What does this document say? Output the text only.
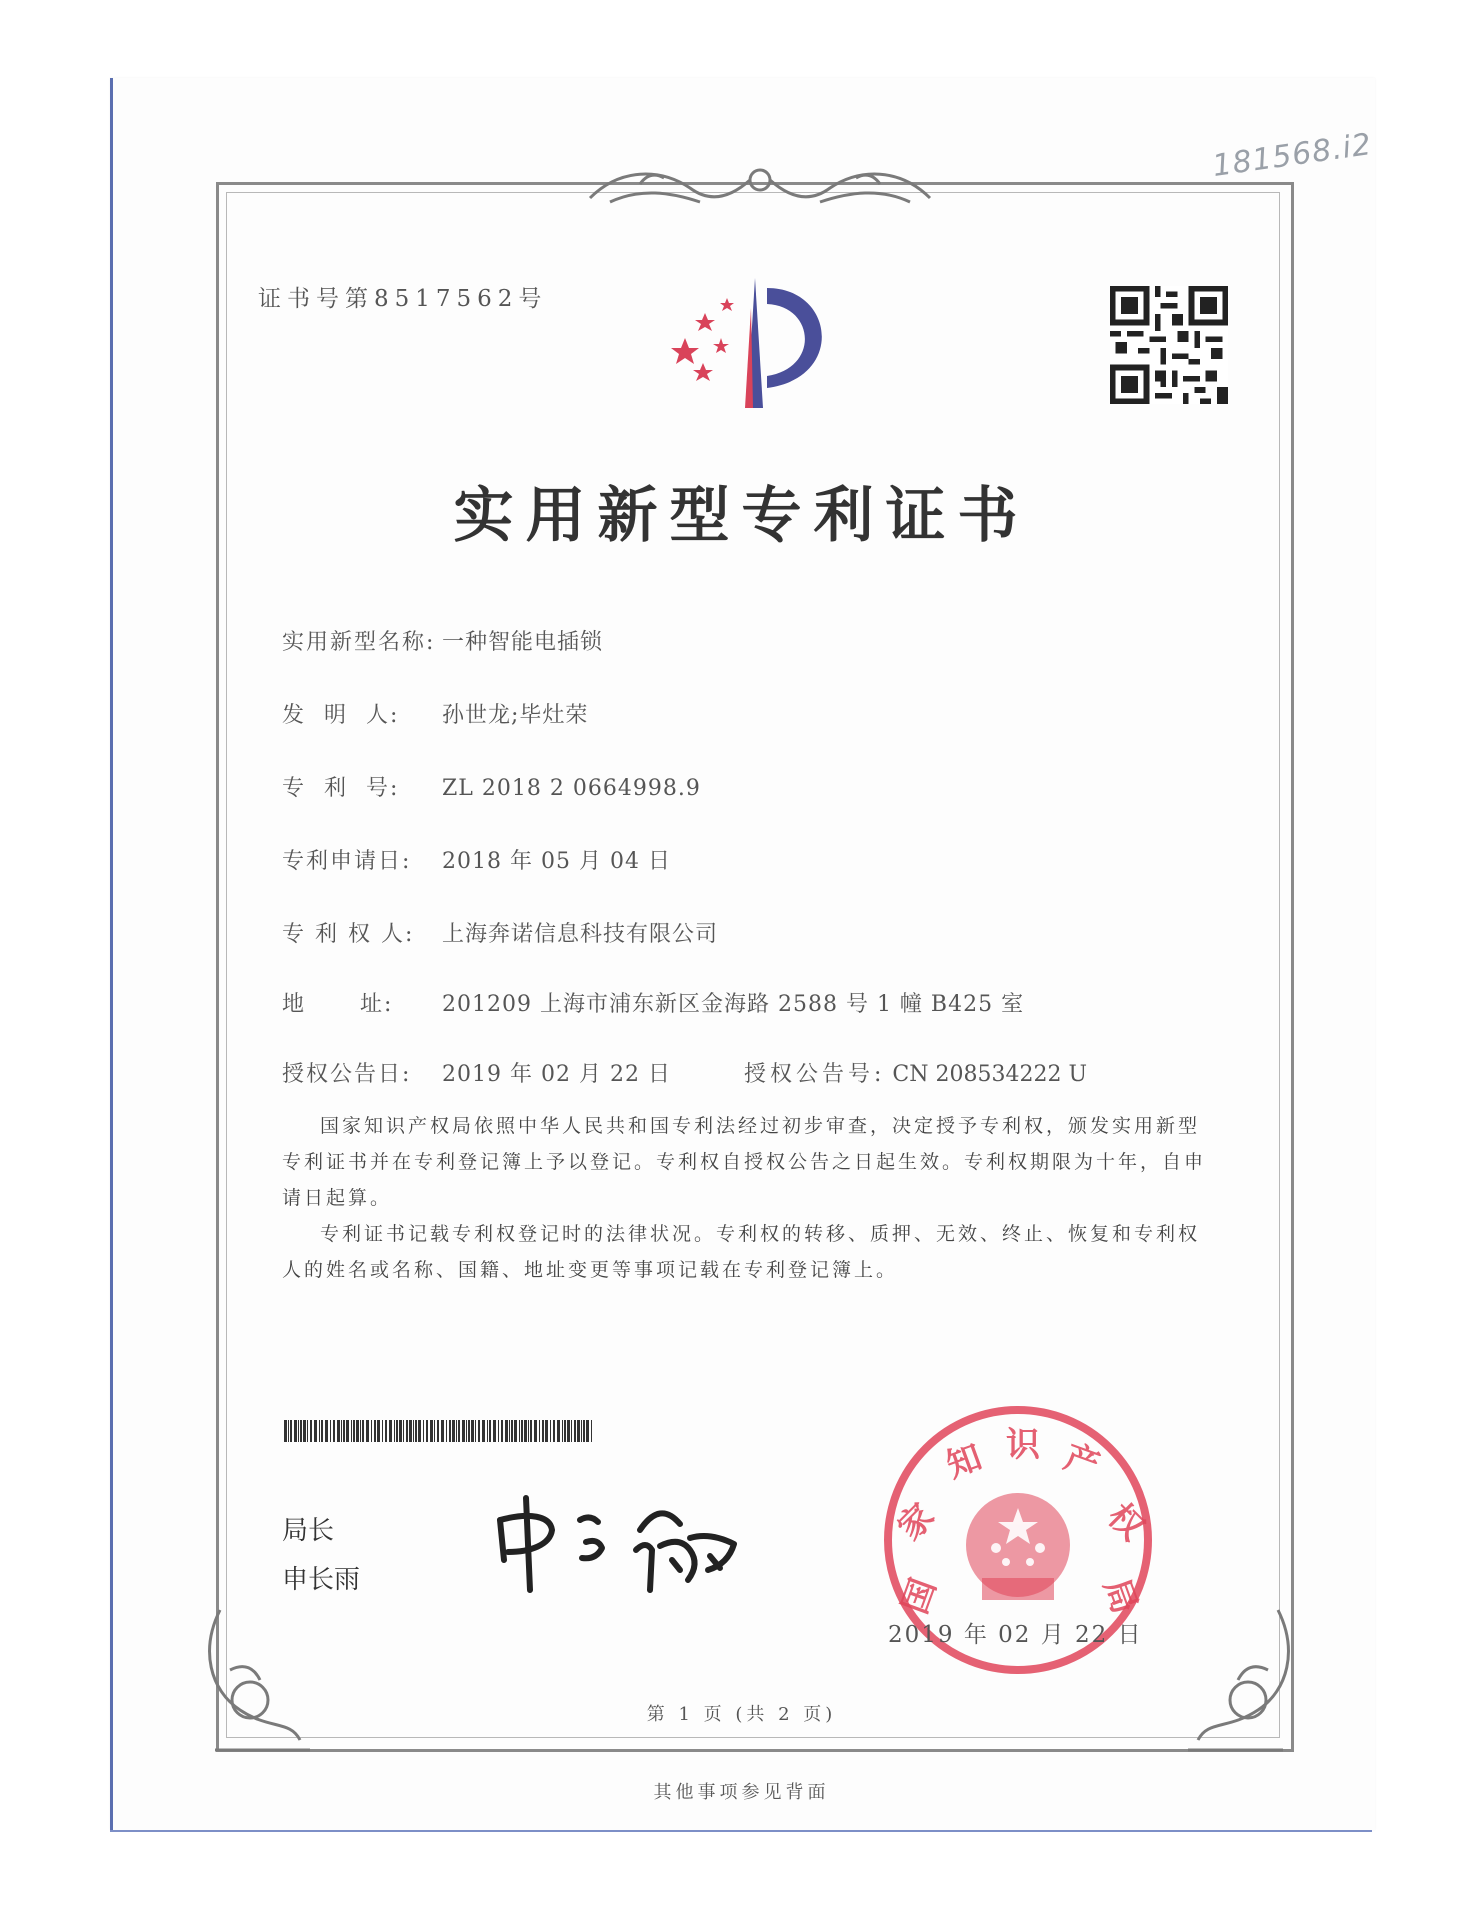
181568.i2
证书号第8517562号
实用新型专利证书
实用新型名称: 一种智能电插锁
发  明  人: 孙世龙;毕灶荣
专  利  号: ZL 2018 2 0664998.9
专利申请日: 2018 年 05 月 04 日
专 利 权 人: 上海奔诺信息科技有限公司
地      址: 201209 上海市浦东新区金海路 2588 号 1 幢 B425 室
授权公告日: 2019 年 02 月 22 日	授权公告号: CN 208534222 U
国家知识产权局依照中华人民共和国专利法经过初步审查，决定授予专利权，颁发实用新型专利证书并在专利登记簿上予以登记。专利权自授权公告之日起生效。专利权期限为十年，自申请日起算。
专利证书记载专利权登记时的法律状况。专利权的转移、质押、无效、终止、恢复和专利权人的姓名或名称、国籍、地址变更等事项记载在专利登记簿上。
局长
申长雨	国
家
知 识 产
权
局
2019 年 02 月 22 日
第 1 页 (共 2 页)
其他事项参见背面
